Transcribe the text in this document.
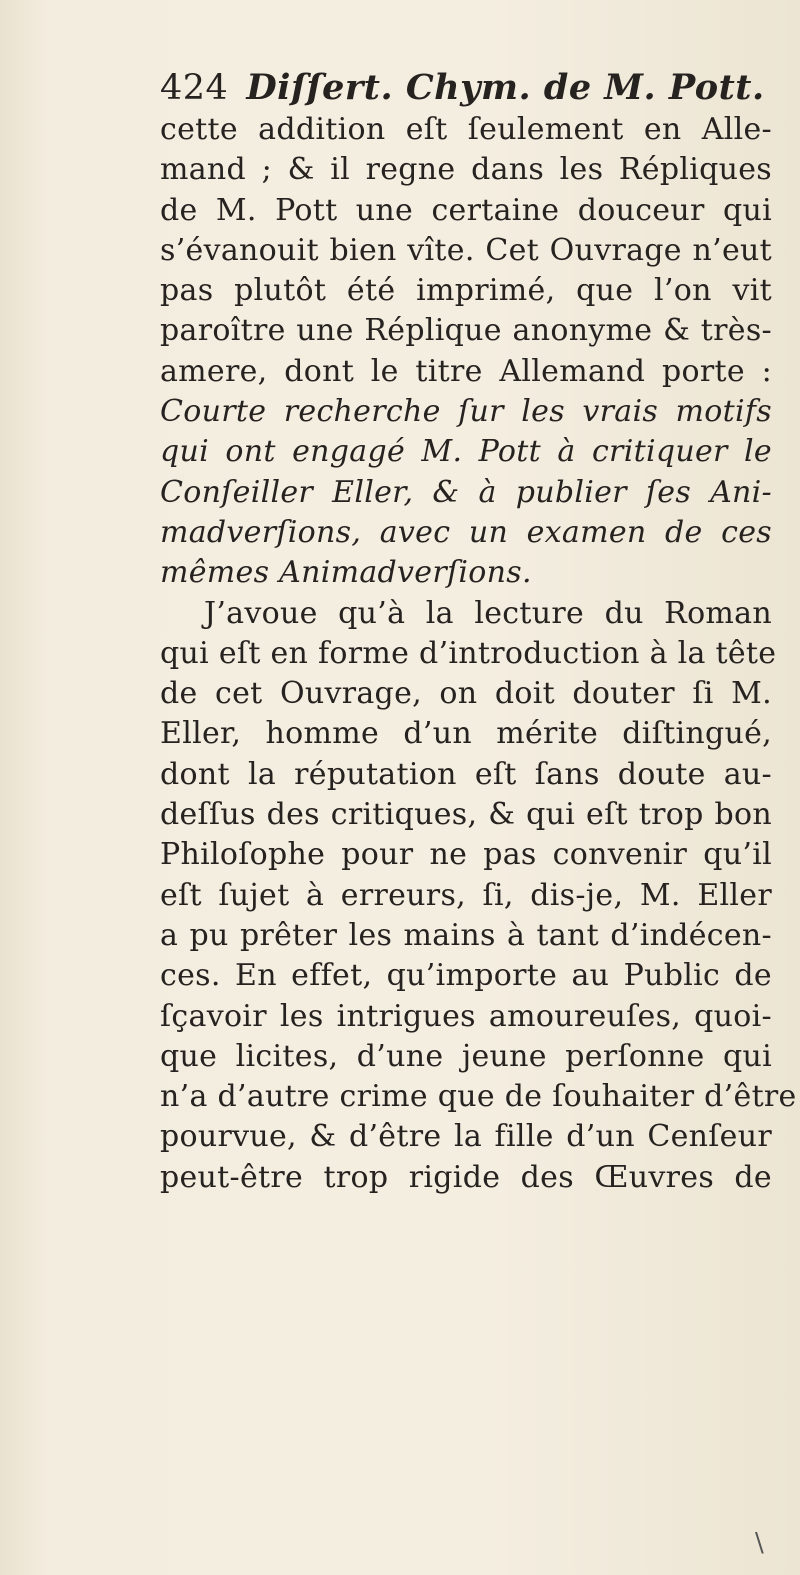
424 Diſſert. Chym. de M. Pott.
cette addition eſt ſeulement en Alle-
mand ; & il regne dans les Répliques
de M. Pott une certaine douceur qui
s’évanouit bien vîte. Cet Ouvrage n’eut
pas plutôt été imprimé, que l’on vit
paroître une Réplique anonyme & très-
amere, dont le titre Allemand porte :
Courte recherche ſur les vrais motifs
qui ont engagé M. Pott à critiquer le
Conſeiller Eller, & à publier ſes Ani-
madverſions, avec un examen de ces
mêmes Animadverſions.
J’avoue qu’à la lecture du Roman
qui eſt en forme d’introduction à la tête
de cet Ouvrage, on doit douter ſi M.
Eller, homme d’un mérite diſtingué,
dont la réputation eſt ſans doute au-
deſſus des critiques, & qui eſt trop bon
Philoſophe pour ne pas convenir qu’il
eſt ſujet à erreurs, ſi, dis-je, M. Eller
a pu prêter les mains à tant d’indécen-
ces. En effet, qu’importe au Public de
ſçavoir les intrigues amoureuſes, quoi-
que licites, d’une jeune perſonne qui
n’a d’autre crime que de ſouhaiter d’être
pourvue, & d’être la fille d’un Cenſeur
peut-être trop rigide des Œuvres de
\
